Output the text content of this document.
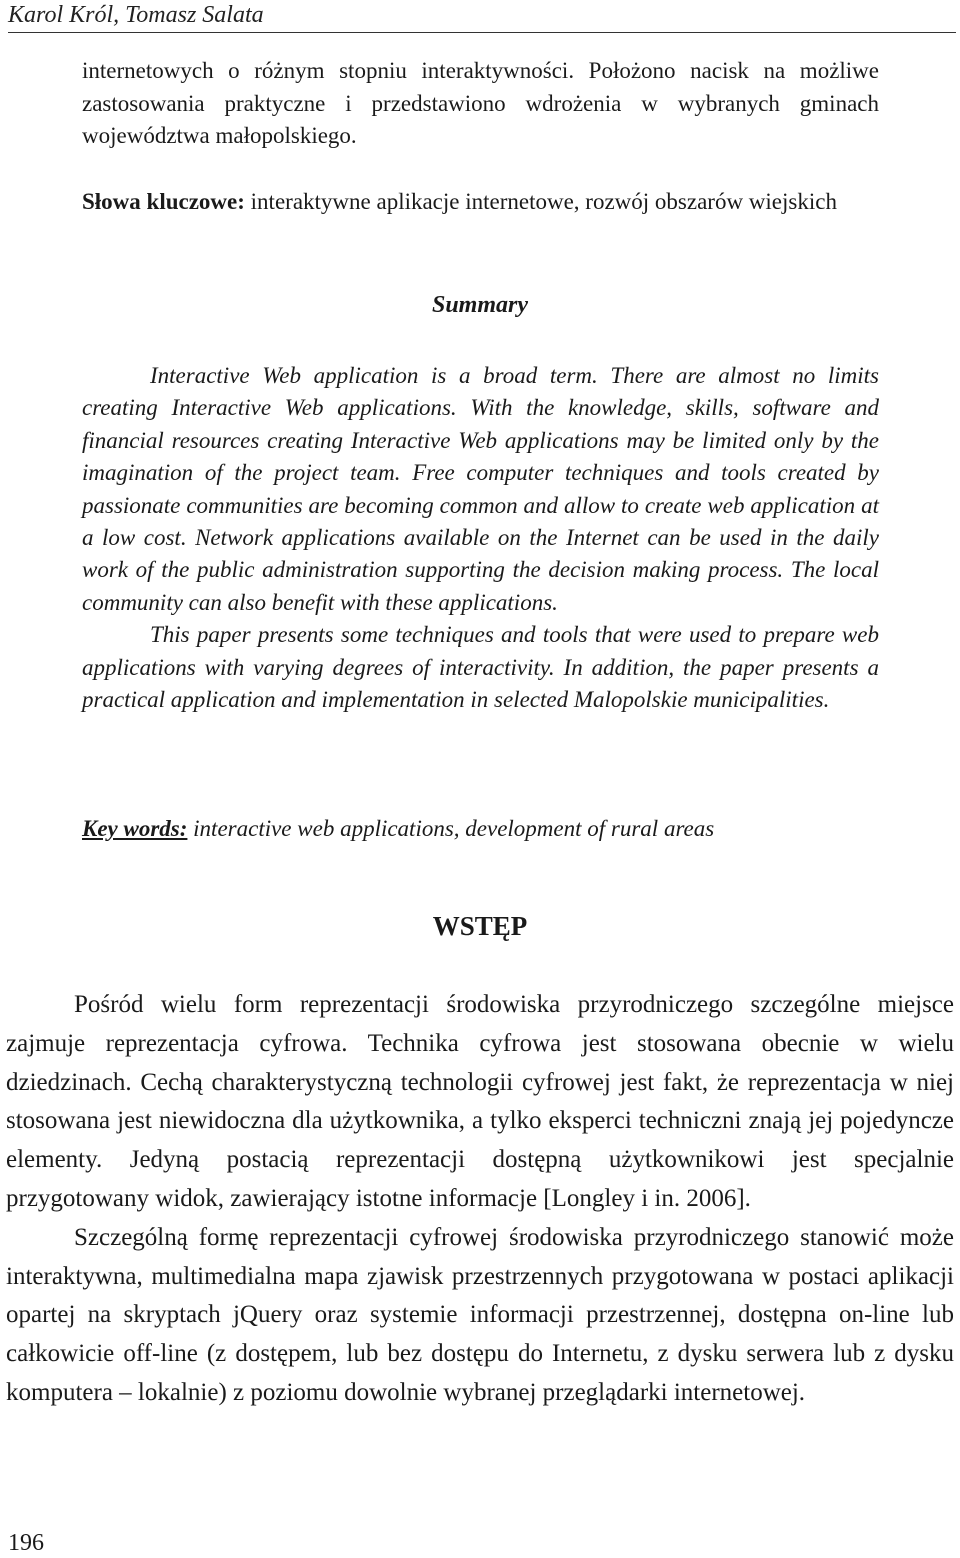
Karol Król, Tomasz Salata
internetowych o różnym stopniu interaktywności. Położono nacisk na możliwe zastosowania praktyczne i przedstawiono wdrożenia w wybranych gminach województwa małopolskiego.
Słowa kluczowe: interaktywne aplikacje internetowe, rozwój obszarów wiejskich
Summary

Interactive Web application is a broad term. There are almost no limits creating Interactive Web applications. With the knowledge, skills, software and financial resources creating Interactive Web applications may be limited only by the imagination of the project team. Free computer techniques and tools created by passionate communities are becoming common and allow to create web application at a low cost. Network applications available on the Internet can be used in the daily work of the public administration supporting the decision making process. The local community can also benefit with these applications.

This paper presents some techniques and tools that were used to prepare web applications with varying degrees of interactivity. In addition, the paper presents a practical application and implementation in selected Malopolskie municipalities.

Key words: interactive web applications, development of rural areas
WSTĘP

Pośród wielu form reprezentacji środowiska przyrodniczego szczególne miejsce zajmuje reprezentacja cyfrowa. Technika cyfrowa jest stosowana obecnie w wielu dziedzinach. Cechą charakterystyczną technologii cyfrowej jest fakt, że reprezentacja w niej stosowana jest niewidoczna dla użytkownika, a tylko eksperci techniczni znają jej pojedyncze elementy. Jedyną postacią reprezentacji dostępną użytkownikowi jest specjalnie przygotowany widok, zawierający istotne informacje [Longley i in. 2006].

Szczególną formę reprezentacji cyfrowej środowiska przyrodniczego stanowić może interaktywna, multimedialna mapa zjawisk przestrzennych przygotowana w postaci aplikacji opartej na skryptach jQuery oraz systemie informacji przestrzennej, dostępna on-line lub całkowicie off-line (z dostępem, lub bez dostępu do Internetu, z dysku serwera lub z dysku komputera – lokalnie) z poziomu dowolnie wybranej przeglądarki internetowej.

196
